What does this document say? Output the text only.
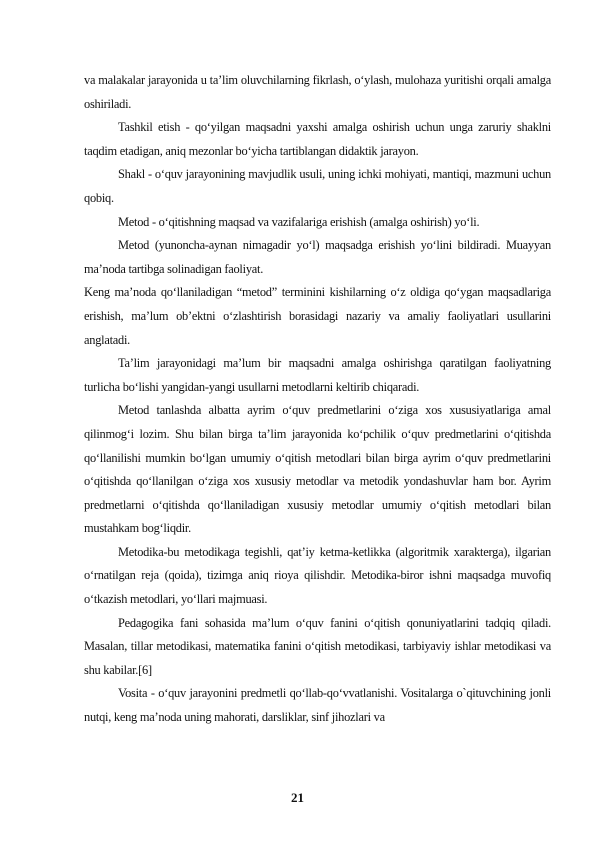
va malakalar jarayonida u ta’lim oluvchilarning fikrlash, o‘ylash, mulohaza yuritishi orqali amalga oshiriladi.

Tashkil etish - qo‘yilgan maqsadni yaxshi amalga oshirish uchun unga zaruriy shaklni taqdim etadigan, aniq mezonlar bo‘yicha tartiblangan didaktik jarayon.

Shakl - o‘quv jarayonining mavjudlik usuli, uning ichki mohiyati, mantiqi, mazmuni uchun qobiq.

Metod - o‘qitishning maqsad va vazifalariga erishish (amalga oshirish) yo‘li.

Metod (yunoncha-aynan nimagadir yo‘l) maqsadga erishish yo‘lini bildiradi. Muayyan ma’noda tartibga solinadigan faoliyat.

Keng ma’noda qo‘llaniladigan “metod” terminini kishilarning o‘z oldiga qo‘ygan maqsadlariga erishish, ma’lum ob’ektni o‘zlashtirish borasidagi nazariy va amaliy faoliyatlari usullarini anglatadi.

Ta’lim jarayonidagi ma’lum bir maqsadni amalga oshirishga qaratilgan faoliyatning turlicha bo‘lishi yangidan-yangi usullarni metodlarni keltirib chiqaradi.

Metod tanlashda albatta ayrim o‘quv predmetlarini o‘ziga xos xususiyatlariga amal qilinmog‘i lozim. Shu bilan birga ta’lim jarayonida ko‘pchilik o‘quv predmetlarini o‘qitishda qo‘llanilishi mumkin bo‘lgan umumiy o‘qitish metodlari bilan birga ayrim o‘quv predmetlarini o‘qitishda qo‘llanilgan o‘ziga xos xususiy metodlar va metodik yondashuvlar ham bor. Ayrim predmetlarni o‘qitishda qo‘llaniladigan xususiy metodlar umumiy o‘qitish metodlari bilan mustahkam bog‘liqdir.

Metodika-bu metodikaga tegishli, qat’iy ketma-ketlikka (algoritmik xarakterga), ilgarian o‘rnatilgan reja (qoida), tizimga aniq rioya qilishdir. Metodika-biror ishni maqsadga muvofiq o‘tkazish metodlari, yo‘llari majmuasi.

Pedagogika fani sohasida ma’lum o‘quv fanini o‘qitish qonuniyatlarini tadqiq qiladi. Masalan, tillar metodikasi, matematika fanini o‘qitish metodikasi, tarbiyaviy ishlar metodikasi va shu kabilar.[6]

Vosita - o‘quv jarayonini predmetli qo‘llab-qo‘vvatlanishi. Vositalarga o`qituvchining jonli nutqi, keng ma’noda uning mahorati, darsliklar, sinf jihozlari va

21
